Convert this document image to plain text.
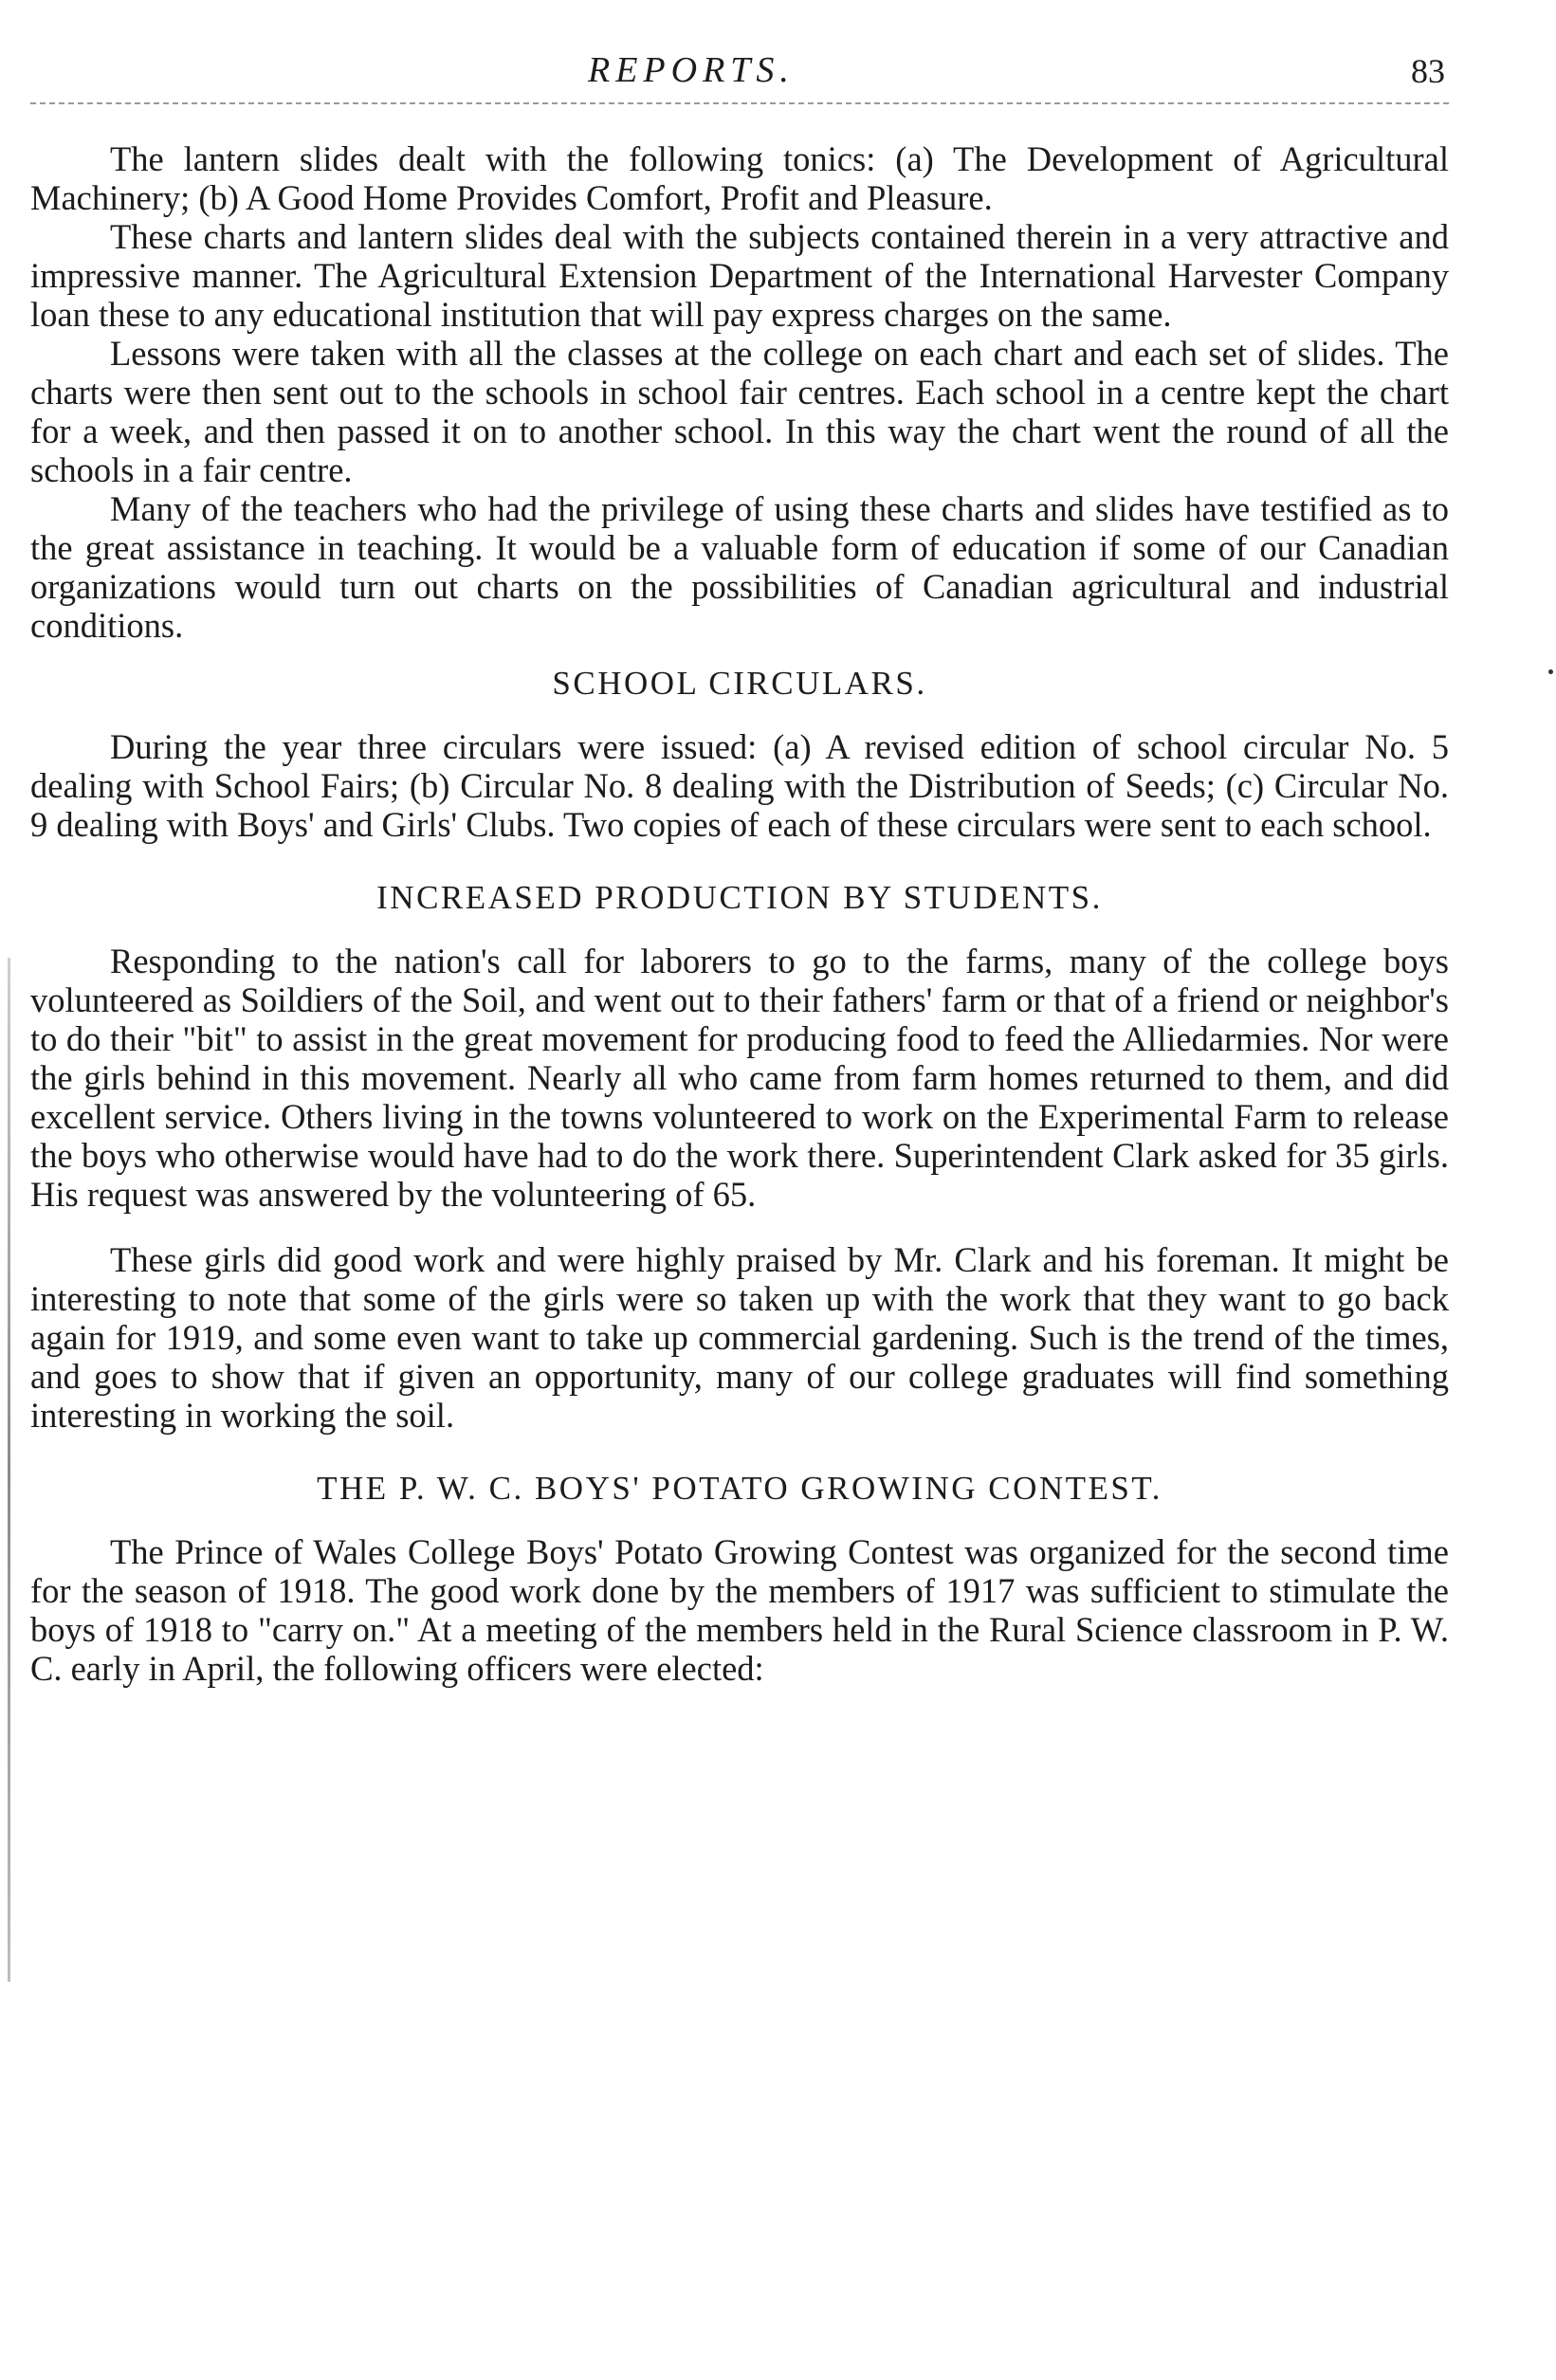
REPORTS.	83

The lantern slides dealt with the following tonics: (a) The Development of Agricultural Machinery; (b) A Good Home Provides Comfort, Profit and Pleasure.

These charts and lantern slides deal with the subjects contained therein in a very attractive and impressive manner. The Agricultural Extension Department of the International Harvester Company loan these to any educational institution that will pay express charges on the same.

Lessons were taken with all the classes at the college on each chart and each set of slides. The charts were then sent out to the schools in school fair centres. Each school in a centre kept the chart for a week, and then passed it on to another school. In this way the chart went the round of all the schools in a fair centre.

Many of the teachers who had the privilege of using these charts and slides have testified as to the great assistance in teaching. It would be a valuable form of education if some of our Canadian organizations would turn out charts on the possibilities of Canadian agricultural and industrial conditions.

SCHOOL CIRCULARS.

During the year three circulars were issued: (a) A revised edition of school circular No. 5 dealing with School Fairs; (b) Circular No. 8 dealing with the Distribution of Seeds; (c) Circular No. 9 dealing with Boys' and Girls' Clubs. Two copies of each of these circulars were sent to each school.

INCREASED PRODUCTION BY STUDENTS.

Responding to the nation's call for laborers to go to the farms, many of the college boys volunteered as Soildiers of the Soil, and went out to their fathers' farm or that of a friend or neighbor's to do their "bit" to assist in the great movement for producing food to feed the Alliedarmies. Nor were the girls behind in this movement. Nearly all who came from farm homes returned to them, and did excellent service. Others living in the towns volunteered to work on the Experimental Farm to release the boys who otherwise would have had to do the work there. Superintendent Clark asked for 35 girls. His request was answered by the volunteering of 65.

These girls did good work and were highly praised by Mr. Clark and his foreman. It might be interesting to note that some of the girls were so taken up with the work that they want to go back again for 1919, and some even want to take up commercial gardening. Such is the trend of the times, and goes to show that if given an opportunity, many of our college graduates will find something interesting in working the soil.

THE P. W. C. BOYS' POTATO GROWING CONTEST.

The Prince of Wales College Boys' Potato Growing Contest was organized for the second time for the season of 1918. The good work done by the members of 1917 was sufficient to stimulate the boys of 1918 to "carry on." At a meeting of the members held in the Rural Science classroom in P. W. C. early in April, the following officers were elected:
